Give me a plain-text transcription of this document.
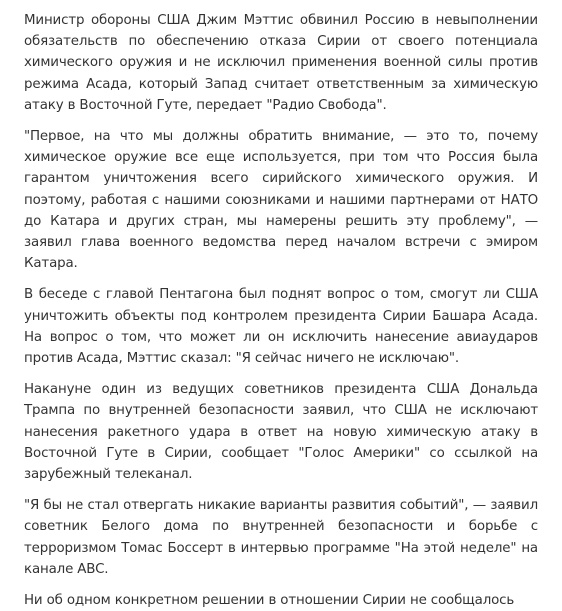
Министр обороны США Джим Мэттис обвинил Россию в невыполнении обязательств по обеспечению отказа Сирии от своего потенциала химического оружия и не исключил применения военной силы против режима Асада, который Запад считает ответственным за химическую атаку в Восточной Гуте, передает "Радио Свобода".

"Первое, на что мы должны обратить внимание, — это то, почему химическое оружие все еще используется, при том что Россия была гарантом уничтожения всего сирийского химического оружия. И поэтому, работая с нашими союзниками и нашими партнерами от НАТО до Катара и других стран, мы намерены решить эту проблему", — заявил глава военного ведомства перед началом встречи с эмиром Катара.

В беседе с главой Пентагона был поднят вопрос о том, смогут ли США уничтожить объекты под контролем президента Сирии Башара Асада. На вопрос о том, что может ли он исключить нанесение авиаударов против Асада, Мэттис сказал: "Я сейчас ничего не исключаю".

Накануне один из ведущих советников президента США Дональда Трампа по внутренней безопасности заявил, что США не исключают нанесения ракетного удара в ответ на новую химическую атаку в Восточной Гуте в Сирии, сообщает "Голос Америки" со ссылкой на зарубежный телеканал.

"Я бы не стал отвергать никакие варианты развития событий", — заявил советник Белого дома по внутренней безопасности и борьбе с терроризмом Томас Боссерт в интервью программе "На этой неделе" на канале ABC.

Ни об одном конкретном решении в отношении Сирии не сообщалось
